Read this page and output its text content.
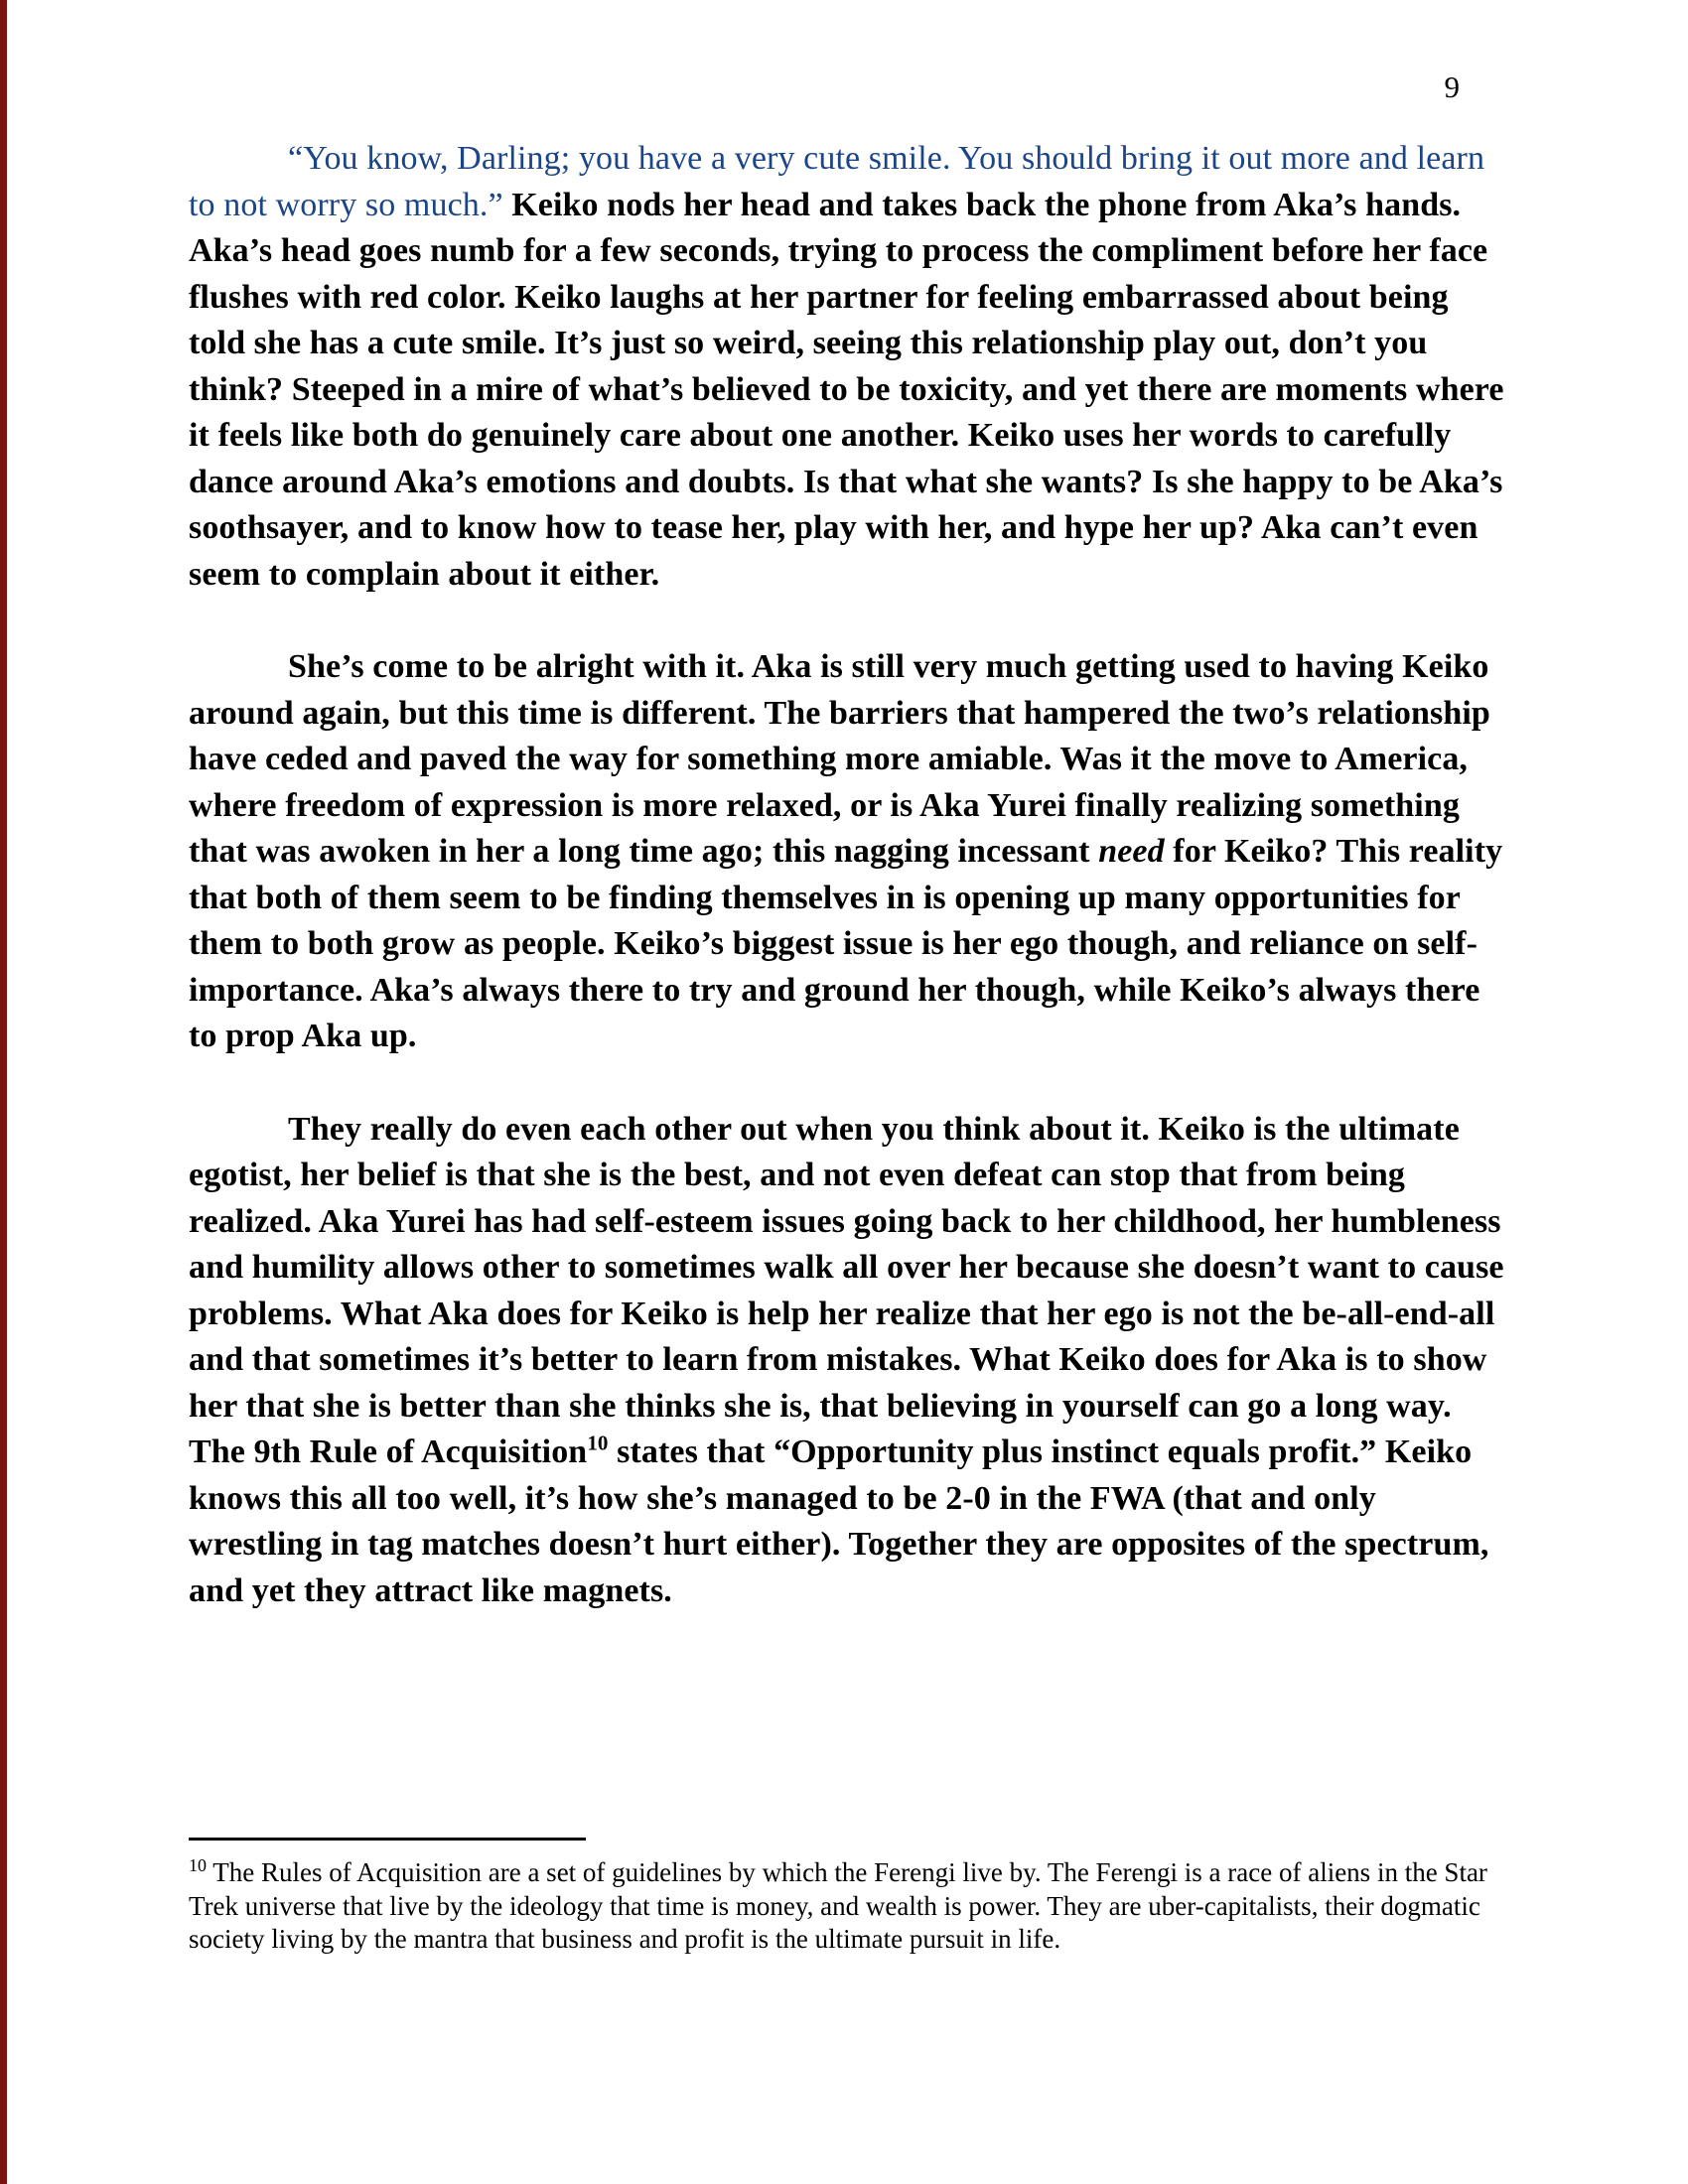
9

“You know, Darling; you have a very cute smile. You should bring it out more and learn to not worry so much.” Keiko nods her head and takes back the phone from Aka’s hands. Aka’s head goes numb for a few seconds, trying to process the compliment before her face flushes with red color. Keiko laughs at her partner for feeling embarrassed about being told she has a cute smile. It’s just so weird, seeing this relationship play out, don’t you think? Steeped in a mire of what’s believed to be toxicity, and yet there are moments where it feels like both do genuinely care about one another. Keiko uses her words to carefully dance around Aka’s emotions and doubts. Is that what she wants? Is she happy to be Aka’s soothsayer, and to know how to tease her, play with her, and hype her up? Aka can’t even seem to complain about it either.

She’s come to be alright with it. Aka is still very much getting used to having Keiko around again, but this time is different. The barriers that hampered the two’s relationship have ceded and paved the way for something more amiable. Was it the move to America, where freedom of expression is more relaxed, or is Aka Yurei finally realizing something that was awoken in her a long time ago; this nagging incessant need for Keiko? This reality that both of them seem to be finding themselves in is opening up many opportunities for them to both grow as people. Keiko’s biggest issue is her ego though, and reliance on self-importance. Aka’s always there to try and ground her though, while Keiko’s always there to prop Aka up.

They really do even each other out when you think about it. Keiko is the ultimate egotist, her belief is that she is the best, and not even defeat can stop that from being realized. Aka Yurei has had self-esteem issues going back to her childhood, her humbleness and humility allows other to sometimes walk all over her because she doesn’t want to cause problems. What Aka does for Keiko is help her realize that her ego is not the be-all-end-all and that sometimes it’s better to learn from mistakes. What Keiko does for Aka is to show her that she is better than she thinks she is, that believing in yourself can go a long way. The 9th Rule of Acquisition$^{10}$ states that “Opportunity plus instinct equals profit.” Keiko knows this all too well, it’s how she’s managed to be 2-0 in the FWA (that and only wrestling in tag matches doesn’t hurt either). Together they are opposites of the spectrum, and yet they attract like magnets.

$^{10}$ The Rules of Acquisition are a set of guidelines by which the Ferengi live by. The Ferengi is a race of aliens in the Star Trek universe that live by the ideology that time is money, and wealth is power. They are uber-capitalists, their dogmatic society living by the mantra that business and profit is the ultimate pursuit in life.
